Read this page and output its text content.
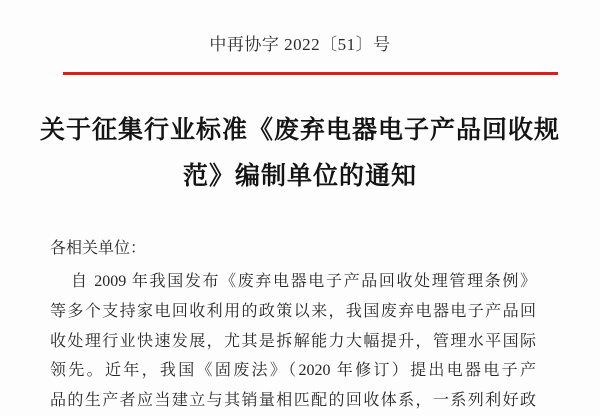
中再协字 2022〔51〕号
关于征集行业标准《废弃电器电子产品回收规
范》编制单位的通知
各相关单位：
自 2009 年我国发布《废弃电器电子产品回收处理管理条例》
等多个支持家电回收利用的政策以来，我国废弃电器电子产品回
收处理行业快速发展，尤其是拆解能力大幅提升，管理水平国际
领先。近年，我国《固废法》（2020 年修订）提出电器电子产
品的生产者应当建立与其销量相匹配的回收体系，一系列利好政
